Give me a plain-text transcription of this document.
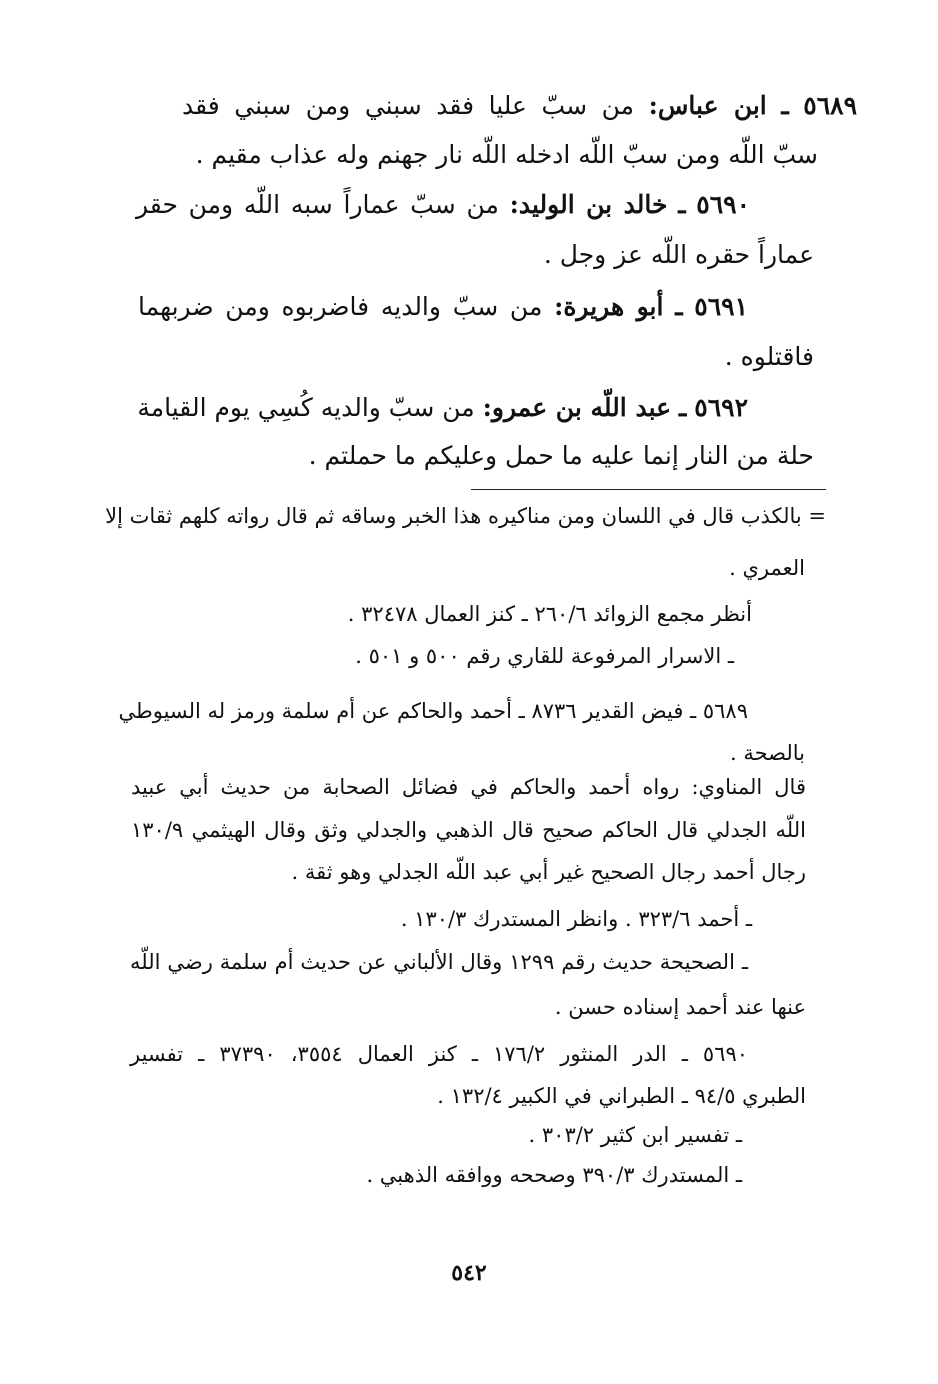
٥٦٨٩ ـ ابن عباس: من سبّ عليا فقد سبني ومن سبني فقد
سبّ اللّه ومن سبّ اللّه ادخله اللّه نار جهنم وله عذاب مقيم .
٥٦٩٠ ـ خالد بن الوليد: من سبّ عماراً سبه اللّه ومن حقر
عماراً حقره اللّه عز وجل .
٥٦٩١ ـ أبو هريرة: من سبّ والديه فاضربوه ومن ضربهما
فاقتلوه .
٥٦٩٢ ـ عبد اللّه بن عمرو: من سبّ والديه كُسِي يوم القيامة
حلة من النار إنما عليه ما حمل وعليكم ما حملتم .
= بالكذب قال في اللسان ومن مناكيره هذا الخبر وساقه ثم قال رواته كلهم ثقات إلا
العمري .
أنظر مجمع الزوائد ٢٦٠/٦ ـ كنز العمال ٣٢٤٧٨ .
ـ الاسرار المرفوعة للقاري رقم ٥٠٠ و ٥٠١ .
٥٦٨٩ ـ فيض القدير ٨٧٣٦ ـ أحمد والحاكم عن أم سلمة ورمز له السيوطي
بالصحة .
قال المناوي: رواه أحمد والحاكم في فضائل الصحابة من حديث أبي عبيد
اللّه الجدلي قال الحاكم صحيح قال الذهبي والجدلي وثق وقال الهيثمي ١٣٠/٩
رجال أحمد رجال الصحيح غير أبي عبد اللّه الجدلي وهو ثقة .
ـ أحمد ٣٢٣/٦ . وانظر المستدرك ١٣٠/٣ .
ـ الصحيحة حديث رقم ١٢٩٩ وقال الألباني عن حديث أم سلمة رضي اللّه
عنها عند أحمد إسناده حسن .
٥٦٩٠ ـ الدر المنثور ١٧٦/٢ ـ كنز العمال ٣٥٥٤، ٣٧٣٩٠ ـ تفسير
الطبري ٩٤/٥ ـ الطبراني في الكبير ١٣٢/٤ .
ـ تفسير ابن كثير ٣٠٣/٢ .
ـ المستدرك ٣٩٠/٣ وصححه ووافقه الذهبي .
٥٤٢
